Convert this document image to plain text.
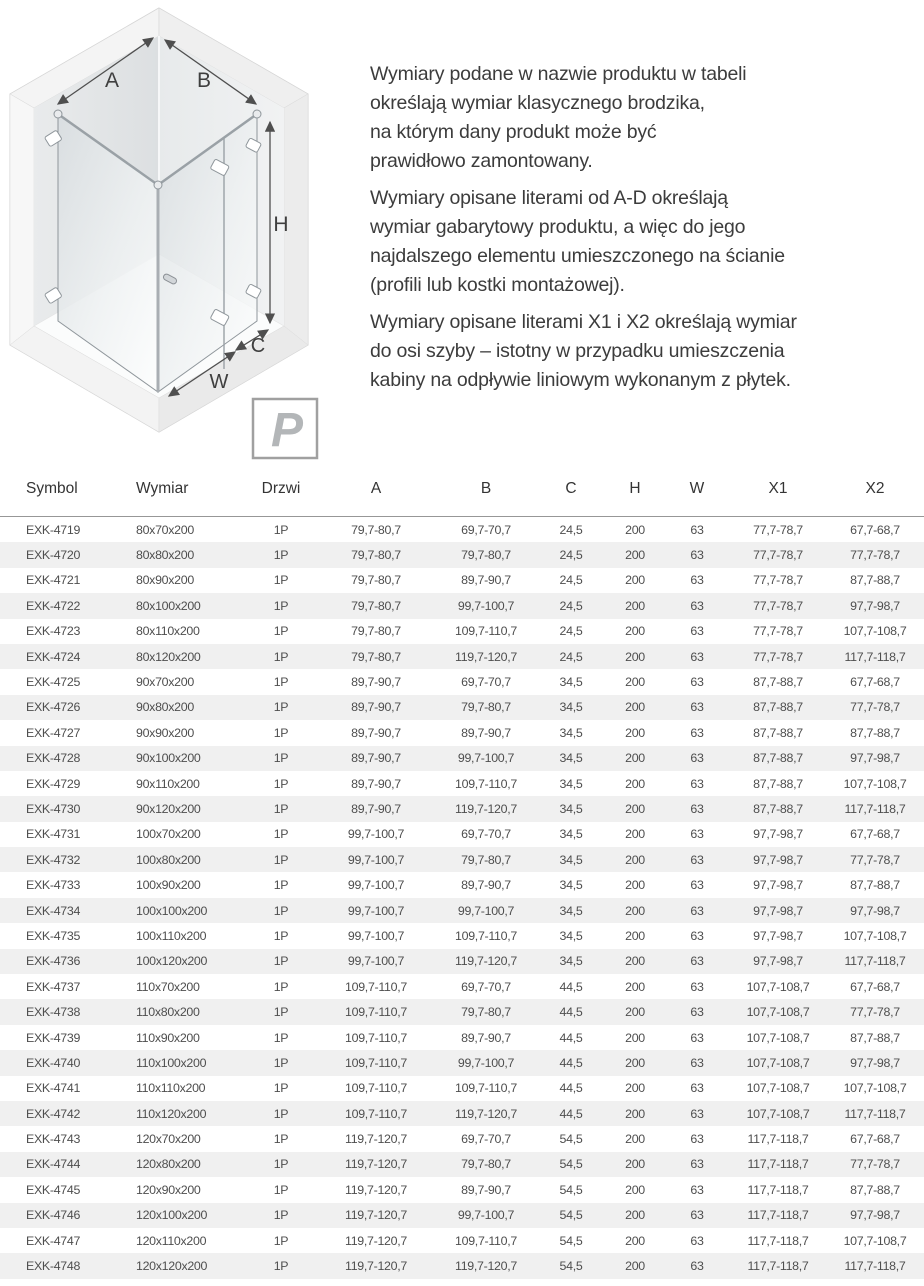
A	B
H
C
W
P
Wymiary podane w nazwie produktu w tabeli
określają wymiar klasycznego brodzika,
na którym dany produkt może być
prawidłowo zamontowany.
Wymiary opisane literami od A-D określają
wymiar gabarytowy produktu, a więc do jego
najdalszego elementu umieszczonego na ścianie
(profili lub kostki montażowej).
Wymiary opisane literami X1 i X2 określają wymiar
do osi szyby – istotny w przypadku umieszczenia
kabiny na odpływie liniowym wykonanym z płytek.
Symbol	Wymiar	Drzwi	A	B	C	H	W	X1	X2
EXK-4719	80x70x200	1P	79,7-80,7	69,7-70,7	24,5	200	63	77,7-78,7	67,7-68,7
EXK-4720	80x80x200	1P	79,7-80,7	79,7-80,7	24,5	200	63	77,7-78,7	77,7-78,7
EXK-4721	80x90x200	1P	79,7-80,7	89,7-90,7	24,5	200	63	77,7-78,7	87,7-88,7
EXK-4722	80x100x200	1P	79,7-80,7	99,7-100,7	24,5	200	63	77,7-78,7	97,7-98,7
EXK-4723	80x110x200	1P	79,7-80,7	109,7-110,7	24,5	200	63	77,7-78,7	107,7-108,7
EXK-4724	80x120x200	1P	79,7-80,7	119,7-120,7	24,5	200	63	77,7-78,7	117,7-118,7
EXK-4725	90x70x200	1P	89,7-90,7	69,7-70,7	34,5	200	63	87,7-88,7	67,7-68,7
EXK-4726	90x80x200	1P	89,7-90,7	79,7-80,7	34,5	200	63	87,7-88,7	77,7-78,7
EXK-4727	90x90x200	1P	89,7-90,7	89,7-90,7	34,5	200	63	87,7-88,7	87,7-88,7
EXK-4728	90x100x200	1P	89,7-90,7	99,7-100,7	34,5	200	63	87,7-88,7	97,7-98,7
EXK-4729	90x110x200	1P	89,7-90,7	109,7-110,7	34,5	200	63	87,7-88,7	107,7-108,7
EXK-4730	90x120x200	1P	89,7-90,7	119,7-120,7	34,5	200	63	87,7-88,7	117,7-118,7
EXK-4731	100x70x200	1P	99,7-100,7	69,7-70,7	34,5	200	63	97,7-98,7	67,7-68,7
EXK-4732	100x80x200	1P	99,7-100,7	79,7-80,7	34,5	200	63	97,7-98,7	77,7-78,7
EXK-4733	100x90x200	1P	99,7-100,7	89,7-90,7	34,5	200	63	97,7-98,7	87,7-88,7
EXK-4734	100x100x200	1P	99,7-100,7	99,7-100,7	34,5	200	63	97,7-98,7	97,7-98,7
EXK-4735	100x110x200	1P	99,7-100,7	109,7-110,7	34,5	200	63	97,7-98,7	107,7-108,7
EXK-4736	100x120x200	1P	99,7-100,7	119,7-120,7	34,5	200	63	97,7-98,7	117,7-118,7
EXK-4737	110x70x200	1P	109,7-110,7	69,7-70,7	44,5	200	63	107,7-108,7	67,7-68,7
EXK-4738	110x80x200	1P	109,7-110,7	79,7-80,7	44,5	200	63	107,7-108,7	77,7-78,7
EXK-4739	110x90x200	1P	109,7-110,7	89,7-90,7	44,5	200	63	107,7-108,7	87,7-88,7
EXK-4740	110x100x200	1P	109,7-110,7	99,7-100,7	44,5	200	63	107,7-108,7	97,7-98,7
EXK-4741	110x110x200	1P	109,7-110,7	109,7-110,7	44,5	200	63	107,7-108,7	107,7-108,7
EXK-4742	110x120x200	1P	109,7-110,7	119,7-120,7	44,5	200	63	107,7-108,7	117,7-118,7
EXK-4743	120x70x200	1P	119,7-120,7	69,7-70,7	54,5	200	63	117,7-118,7	67,7-68,7
EXK-4744	120x80x200	1P	119,7-120,7	79,7-80,7	54,5	200	63	117,7-118,7	77,7-78,7
EXK-4745	120x90x200	1P	119,7-120,7	89,7-90,7	54,5	200	63	117,7-118,7	87,7-88,7
EXK-4746	120x100x200	1P	119,7-120,7	99,7-100,7	54,5	200	63	117,7-118,7	97,7-98,7
EXK-4747	120x110x200	1P	119,7-120,7	109,7-110,7	54,5	200	63	117,7-118,7	107,7-108,7
EXK-4748	120x120x200	1P	119,7-120,7	119,7-120,7	54,5	200	63	117,7-118,7	117,7-118,7
